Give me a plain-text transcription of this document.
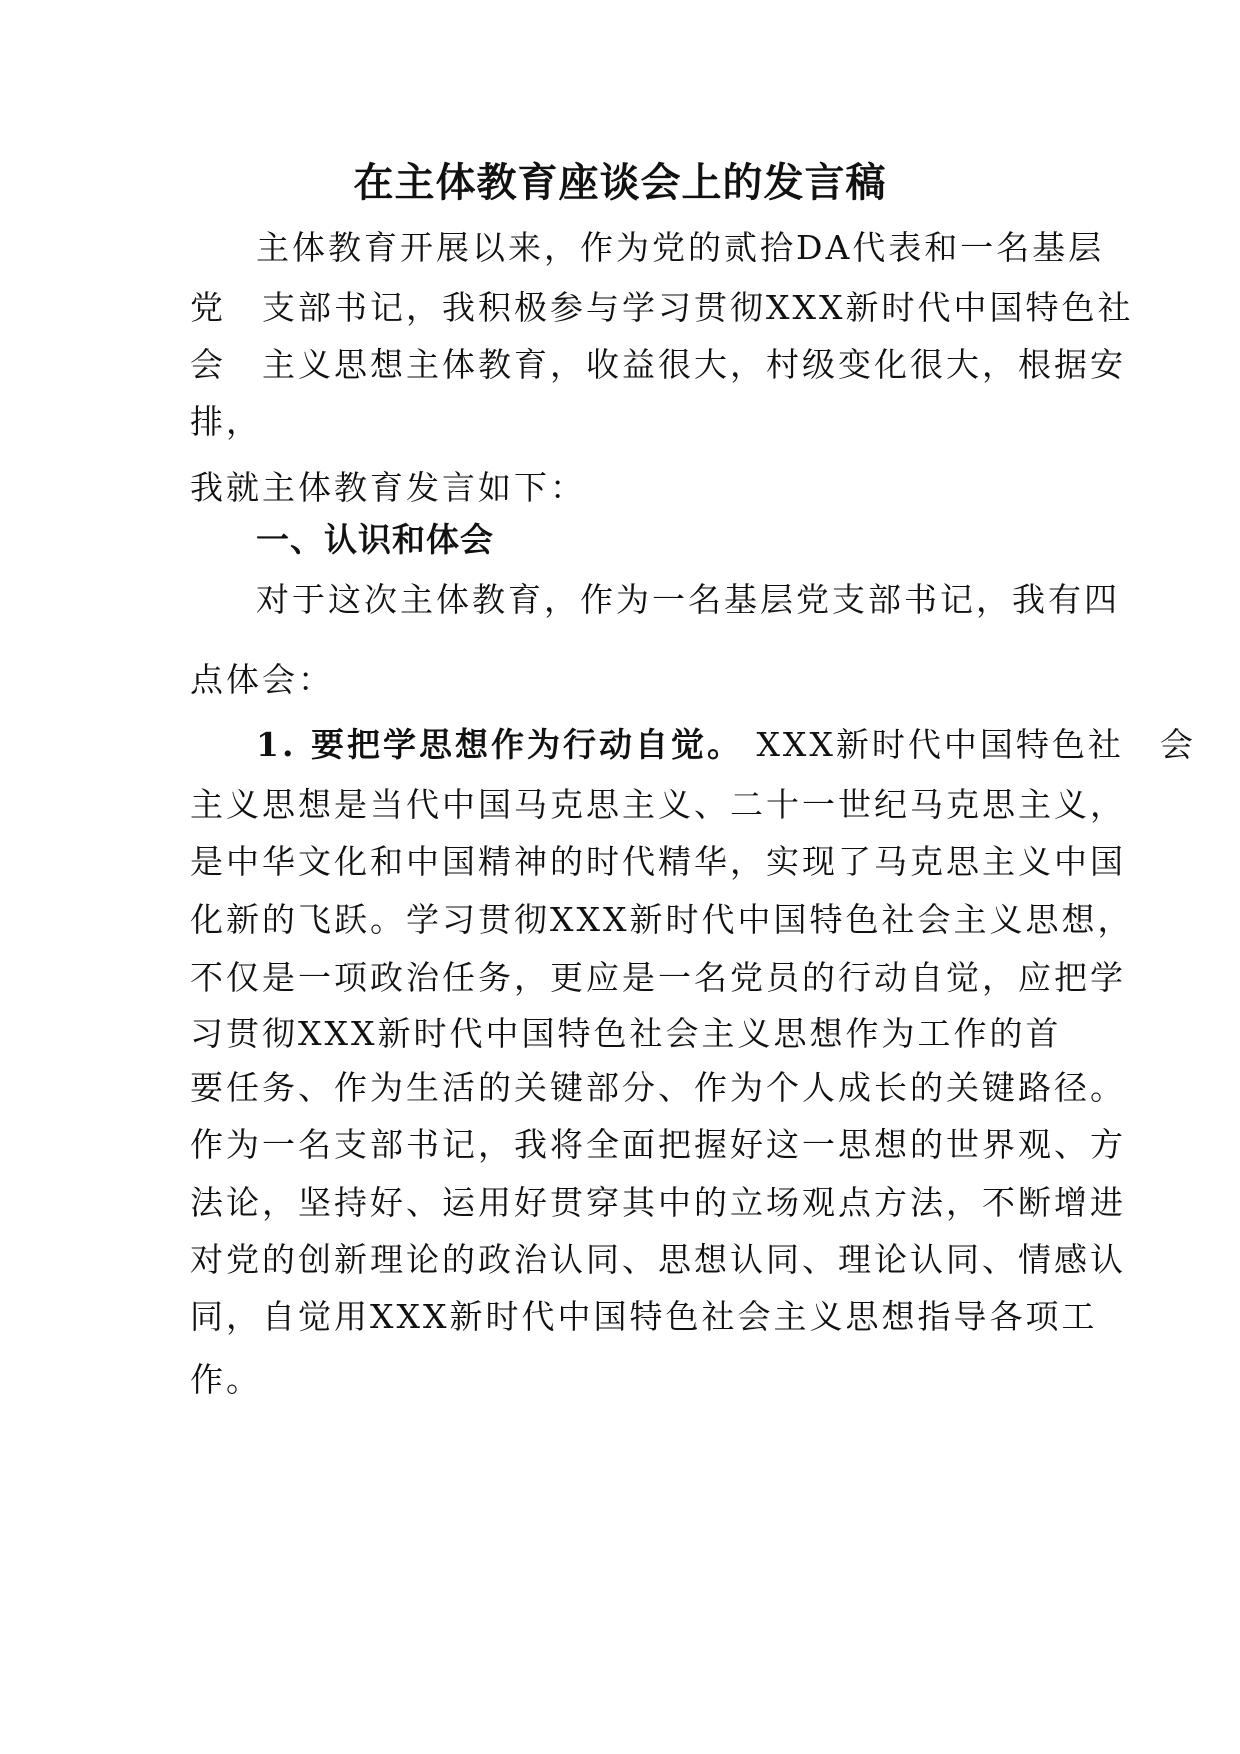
在主体教育座谈会上的发言稿
主体教育开展以来，作为党的贰拾DA代表和一名基层
党　支部书记，我积极参与学习贯彻XXX新时代中国特色社
会　主义思想主体教育，收益很大，村级变化很大，根据安
排，
我就主体教育发言如下：
一、认识和体会
对于这次主体教育，作为一名基层党支部书记，我有四
点体会：
1. 要把学思想作为行动自觉。 XXX新时代中国特色社　会
主义思想是当代中国马克思主义、二十一世纪马克思主义，
是中华文化和中国精神的时代精华，实现了马克思主义中国
化新的飞跃。学习贯彻XXX新时代中国特色社会主义思想，
不仅是一项政治任务，更应是一名党员的行动自觉，应把学
习贯彻XXX新时代中国特色社会主义思想作为工作的首
要任务、作为生活的关键部分、作为个人成长的关键路径。
作为一名支部书记，我将全面把握好这一思想的世界观、方
法论，坚持好、运用好贯穿其中的立场观点方法，不断增进
对党的创新理论的政治认同、思想认同、理论认同、情感认
同，自觉用XXX新时代中国特色社会主义思想指导各项工
作。
